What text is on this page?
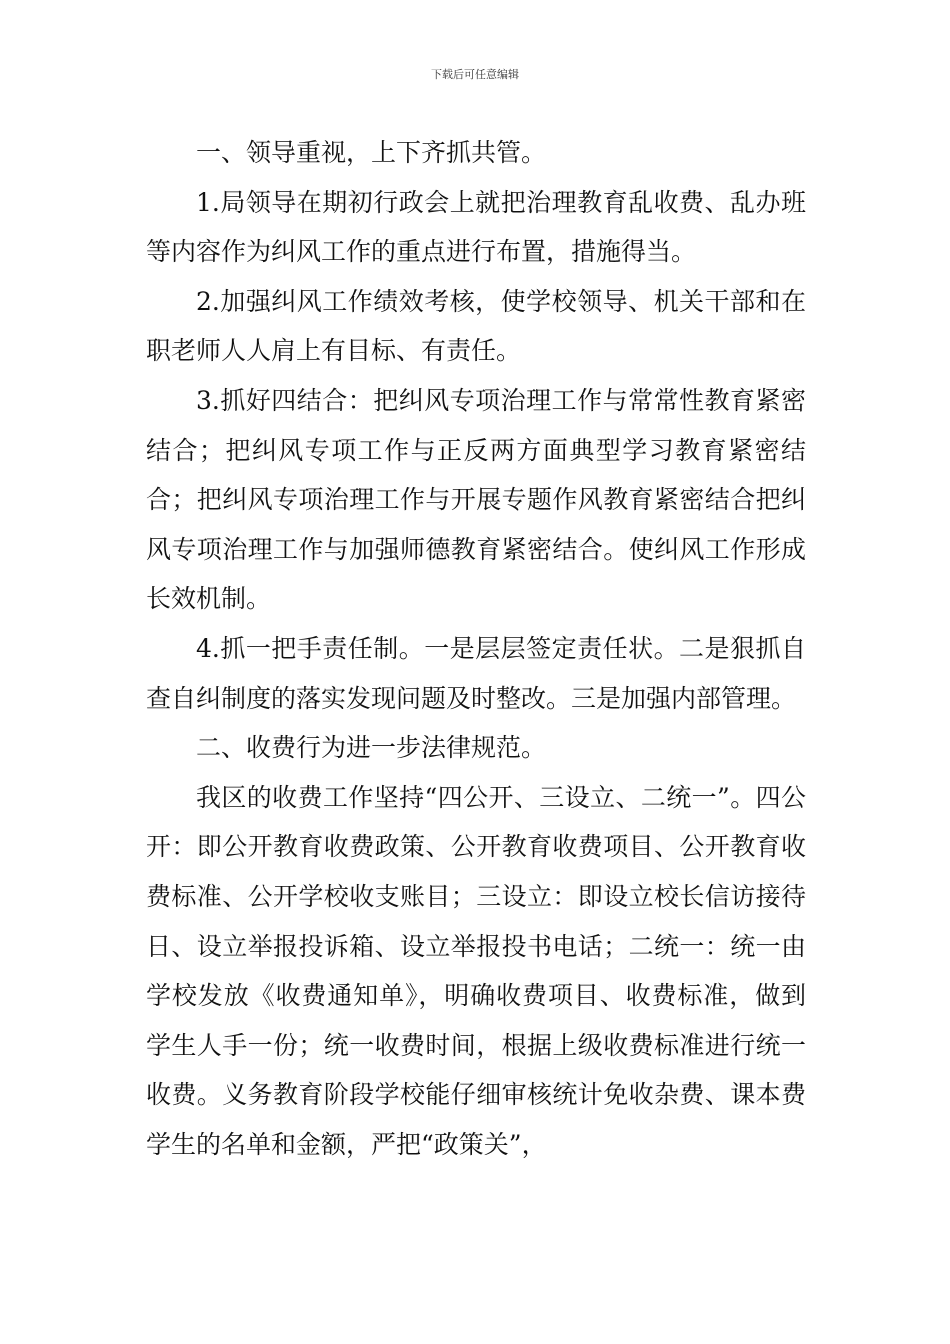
下载后可任意编辑

一、领导重视，上下齐抓共管。

1.局领导在期初行政会上就把治理教育乱收费、乱办班等内容作为纠风工作的重点进行布置，措施得当。

2.加强纠风工作绩效考核，使学校领导、机关干部和在职老师人人肩上有目标、有责任。

3.抓好四结合：把纠风专项治理工作与常常性教育紧密结合；把纠风专项工作与正反两方面典型学习教育紧密结合；把纠风专项治理工作与开展专题作风教育紧密结合把纠风专项治理工作与加强师德教育紧密结合。使纠风工作形成长效机制。

4.抓一把手责任制。一是层层签定责任状。二是狠抓自查自纠制度的落实发现问题及时整改。三是加强内部管理。

二、收费行为进一步法律规范。

我区的收费工作坚持“四公开、三设立、二统一”。四公开：即公开教育收费政策、公开教育收费项目、公开教育收费标准、公开学校收支账目；三设立：即设立校长信访接待日、设立举报投诉箱、设立举报投书电话；二统一：统一由学校发放《收费通知单》，明确收费项目、收费标准，做到学生人手一份；统一收费时间，根据上级收费标准进行统一收费。义务教育阶段学校能仔细审核统计免收杂费、课本费学生的名单和金额，严把“政策关”，
